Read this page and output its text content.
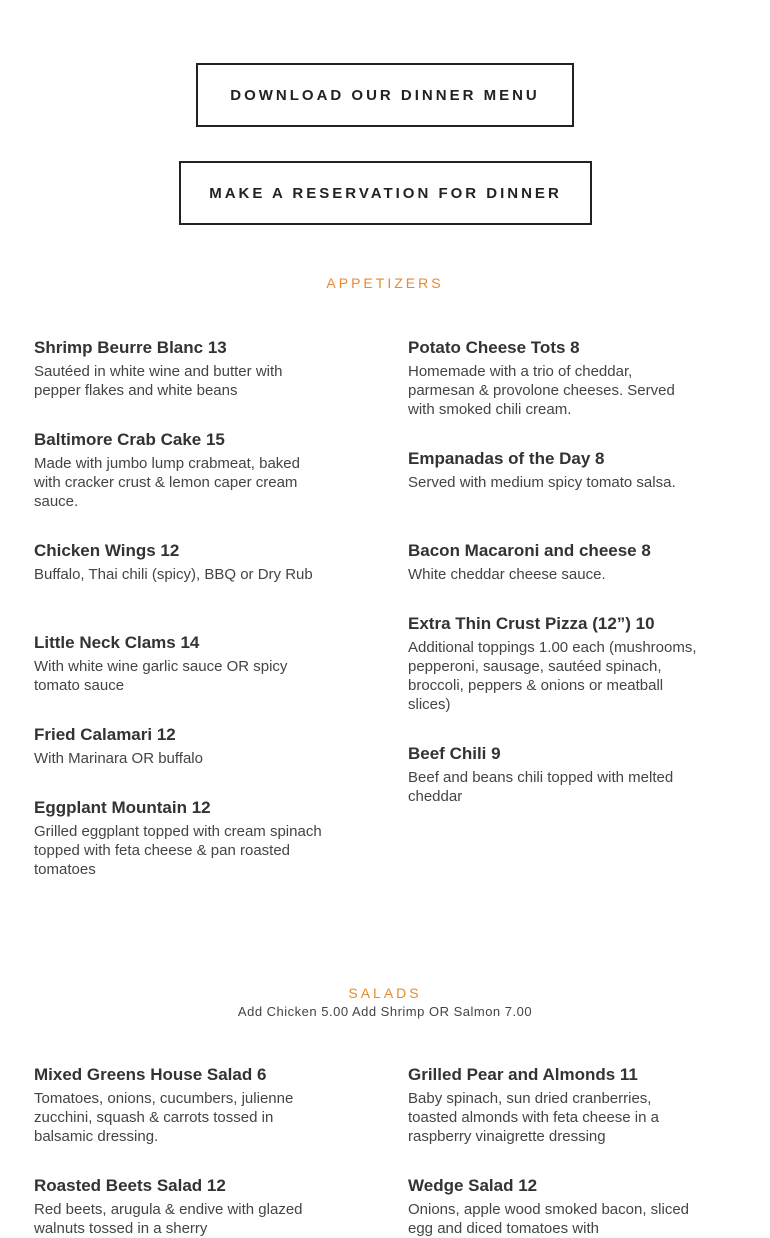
DOWNLOAD OUR DINNER MENU
MAKE A RESERVATION FOR DINNER
APPETIZERS
Shrimp Beurre Blanc 13
Sautéed in white wine and butter with pepper flakes and white beans
Baltimore Crab Cake 15
Made with jumbo lump crabmeat, baked with cracker crust & lemon caper cream sauce.
Chicken Wings 12
Buffalo, Thai chili (spicy), BBQ or Dry Rub
Little Neck Clams 14
With white wine garlic sauce OR spicy tomato sauce
Fried Calamari 12
With Marinara OR buffalo
Eggplant Mountain 12
Grilled eggplant topped with cream spinach topped with feta cheese & pan roasted tomatoes
Potato Cheese Tots 8
Homemade with a trio of cheddar, parmesan & provolone cheeses. Served with smoked chili cream.
Empanadas of the Day 8
Served with medium spicy tomato salsa.
Bacon Macaroni and cheese 8
White cheddar cheese sauce.
Extra Thin Crust Pizza (12”) 10
Additional toppings 1.00 each (mushrooms, pepperoni, sausage, sautéed spinach, broccoli, peppers & onions or meatball slices)
Beef Chili 9
Beef and beans chili topped with melted cheddar
SALADS
Add Chicken 5.00 Add Shrimp OR Salmon 7.00
Mixed Greens House Salad 6
Tomatoes, onions, cucumbers, julienne zucchini, squash & carrots tossed in balsamic dressing.
Roasted Beets Salad 12
Red beets, arugula & endive with glazed walnuts tossed in a sherry
Grilled Pear and Almonds 11
Baby spinach, sun dried cranberries, toasted almonds with feta cheese in a raspberry vinaigrette dressing
Wedge Salad 12
Onions, apple wood smoked bacon, sliced egg and diced tomatoes with
